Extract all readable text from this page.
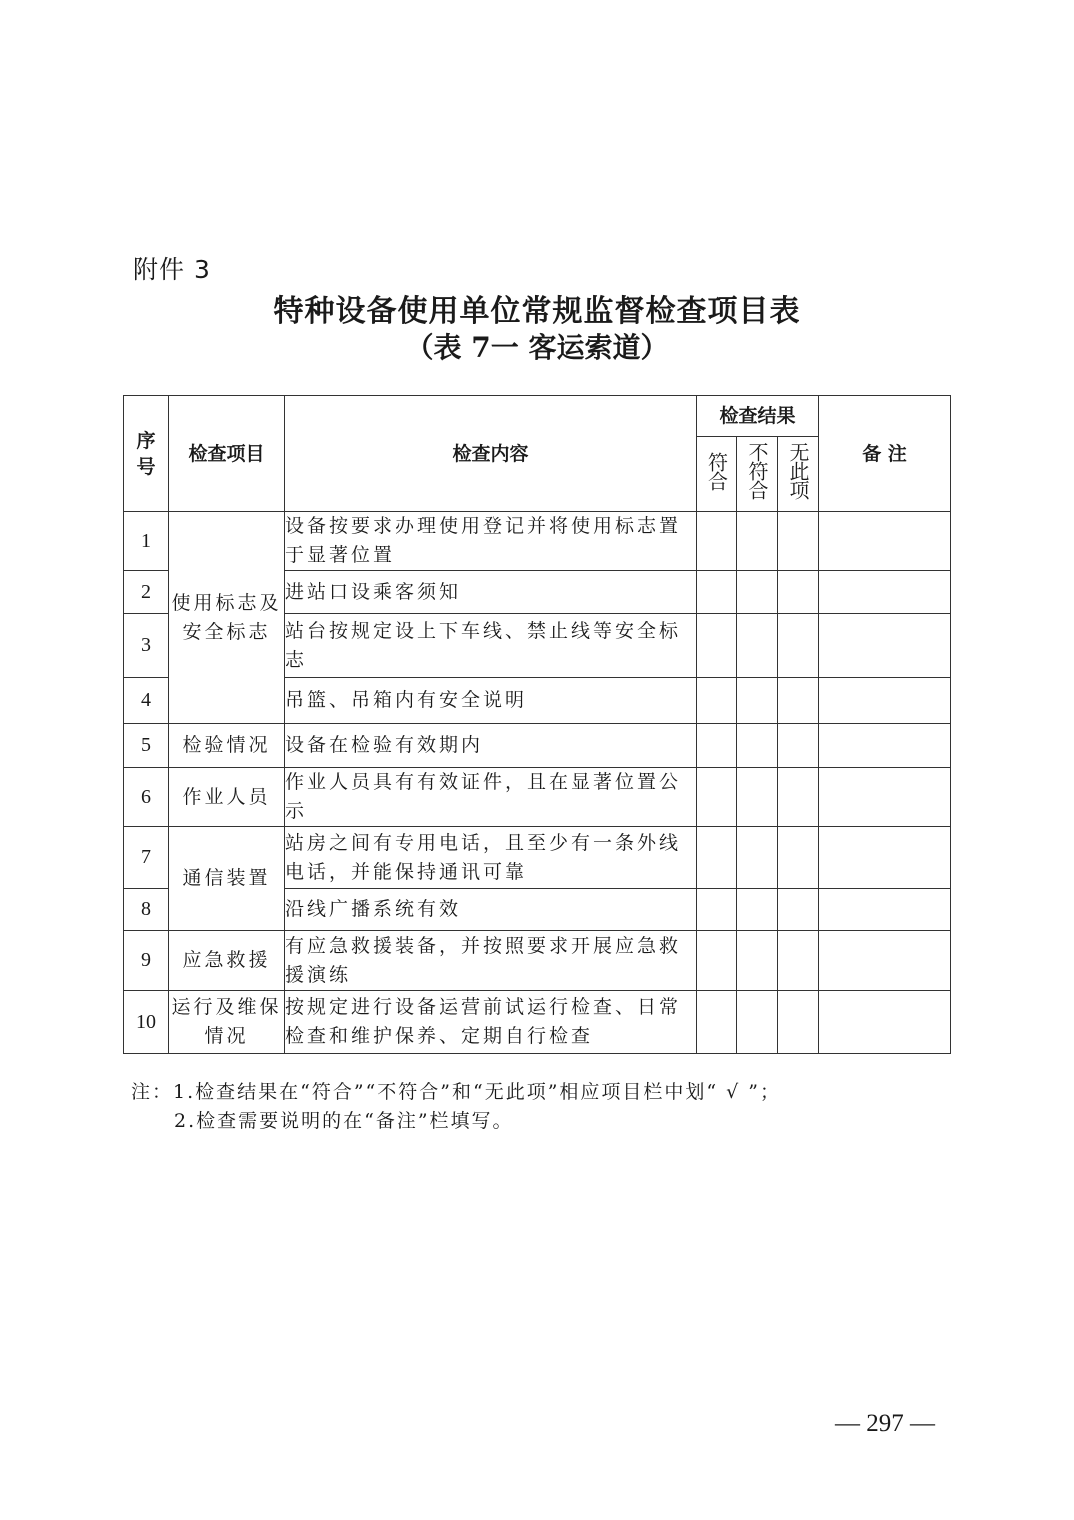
附件 3
特种设备使用单位常规监督检查项目表
（表 7一 客运索道）
序号	检查项目	检查内容	检查结果			备 注
			符合	不符合	无此项	
1	使用标志及安全标志	设备按要求办理使用登记并将使用标志置于显著位置				
2		进站口设乘客须知				
3		站台按规定设上下车线、禁止线等安全标志				
4		吊篮、吊箱内有安全说明				
5	检验情况	设备在检验有效期内				
6	作业人员	作业人员具有有效证件，且在显著位置公示				
7	通信装置	站房之间有专用电话，且至少有一条外线电话，并能保持通讯可靠				
8		沿线广播系统有效				
9	应急救援	有应急救援装备，并按照要求开展应急救援演练				
10	运行及维保情况	按规定进行设备运营前试运行检查、日常检查和维护保养、定期自行检查				
注：1.检查结果在“符合”“不符合”和“无此项”相应项目栏中划“ √ ”；
2.检查需要说明的在“备注”栏填写。
— 297 —
